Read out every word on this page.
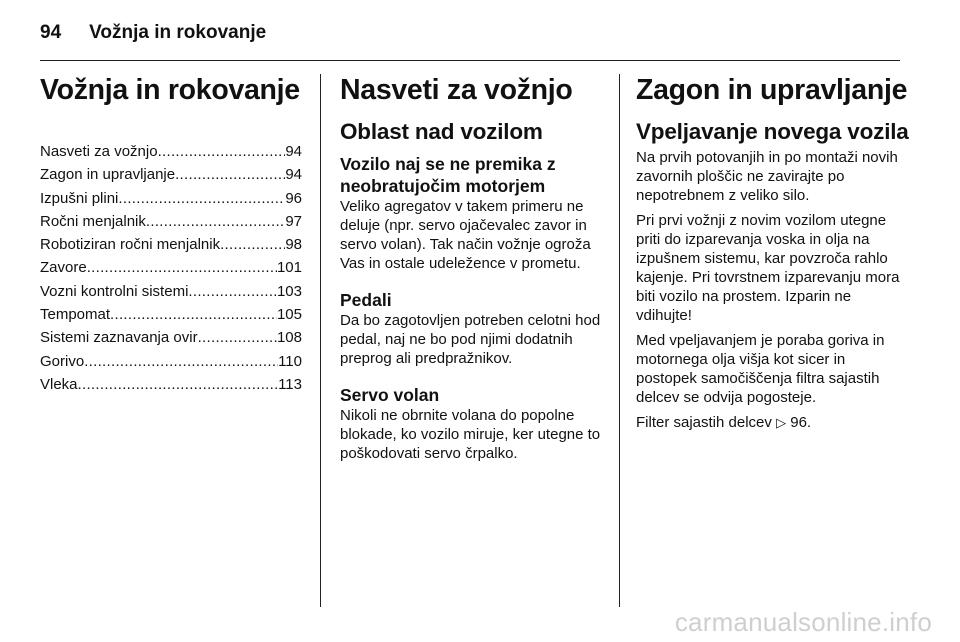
94 Vožnja in rokovanje
Vožnja in rokovanje
Nasveti za vožnjo .....	94
Zagon in upravljanje .....	94
Izpušni plini .....	96
Ročni menjalnik .....	97
Robotiziran ročni menjalnik .....	98
Zavore .....	101
Vozni kontrolni sistemi .....	103
Tempomat .....	105
Sistemi zaznavanja ovir .....	108
Gorivo .....	110
Vleka .....	113
Nasveti za vožnjo
Oblast nad vozilom
Vozilo naj se ne premika z neobratujočim motorjem

Veliko agregatov v takem primeru ne deluje (npr. servo ojačevalec zavor in servo volan). Tak način vožnje ogroža Vas in ostale udeležence v prometu.

Pedali

Da bo zagotovljen potreben celotni hod pedal, naj ne bo pod njimi dodatnih preprog ali predpražnikov.

Servo volan

Nikoli ne obrnite volana do popolne blokade, ko vozilo miruje, ker utegne to poškodovati servo črpalko.

Zagon in upravljanje
Vpeljavanje novega vozila

Na prvih potovanjih in po montaži novih zavornih ploščic ne zavirajte po nepotrebnem z veliko silo.

Pri prvi vožnji z novim vozilom utegne priti do izparevanja voska in olja na izpušnem sistemu, kar povzroča rahlo kajenje. Pri tovrstnem izparevanju mora biti vozilo na prostem. Izparin ne vdihujte!

Med vpeljavanjem je poraba goriva in motornega olja višja kot sicer in postopek samočiščenja filtra sajastih delcev se odvija pogosteje.

Filter sajastih delcev ▷ 96.

carmanualsonline.info
